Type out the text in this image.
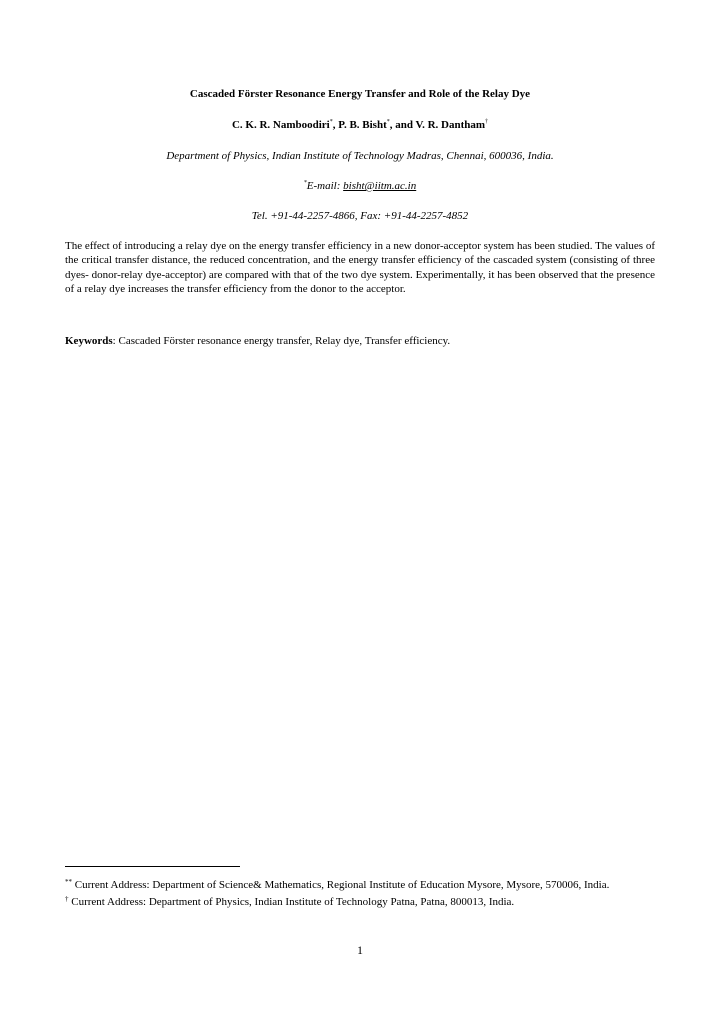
Cascaded Förster Resonance Energy Transfer and Role of the Relay Dye
C. K. R. Namboodiri*, P. B. Bisht*, and V. R. Dantham†
Department of Physics, Indian Institute of Technology Madras, Chennai, 600036, India.
*E-mail: bisht@iitm.ac.in
Tel. +91-44-2257-4866, Fax: +91-44-2257-4852
The effect of introducing a relay dye on the energy transfer efficiency in a new donor-acceptor system has been studied. The values of the critical transfer distance, the reduced concentration, and the energy transfer efficiency of the cascaded system (consisting of three dyes- donor-relay dye-acceptor) are compared with that of the two dye system. Experimentally, it has been observed that the presence of a relay dye increases the transfer efficiency from the donor to the acceptor.
Keywords: Cascaded Förster resonance energy transfer, Relay dye, Transfer efficiency.
** Current Address: Department of Science& Mathematics, Regional Institute of Education Mysore, Mysore, 570006, India.
† Current Address: Department of Physics, Indian Institute of Technology Patna, Patna, 800013, India.
1
